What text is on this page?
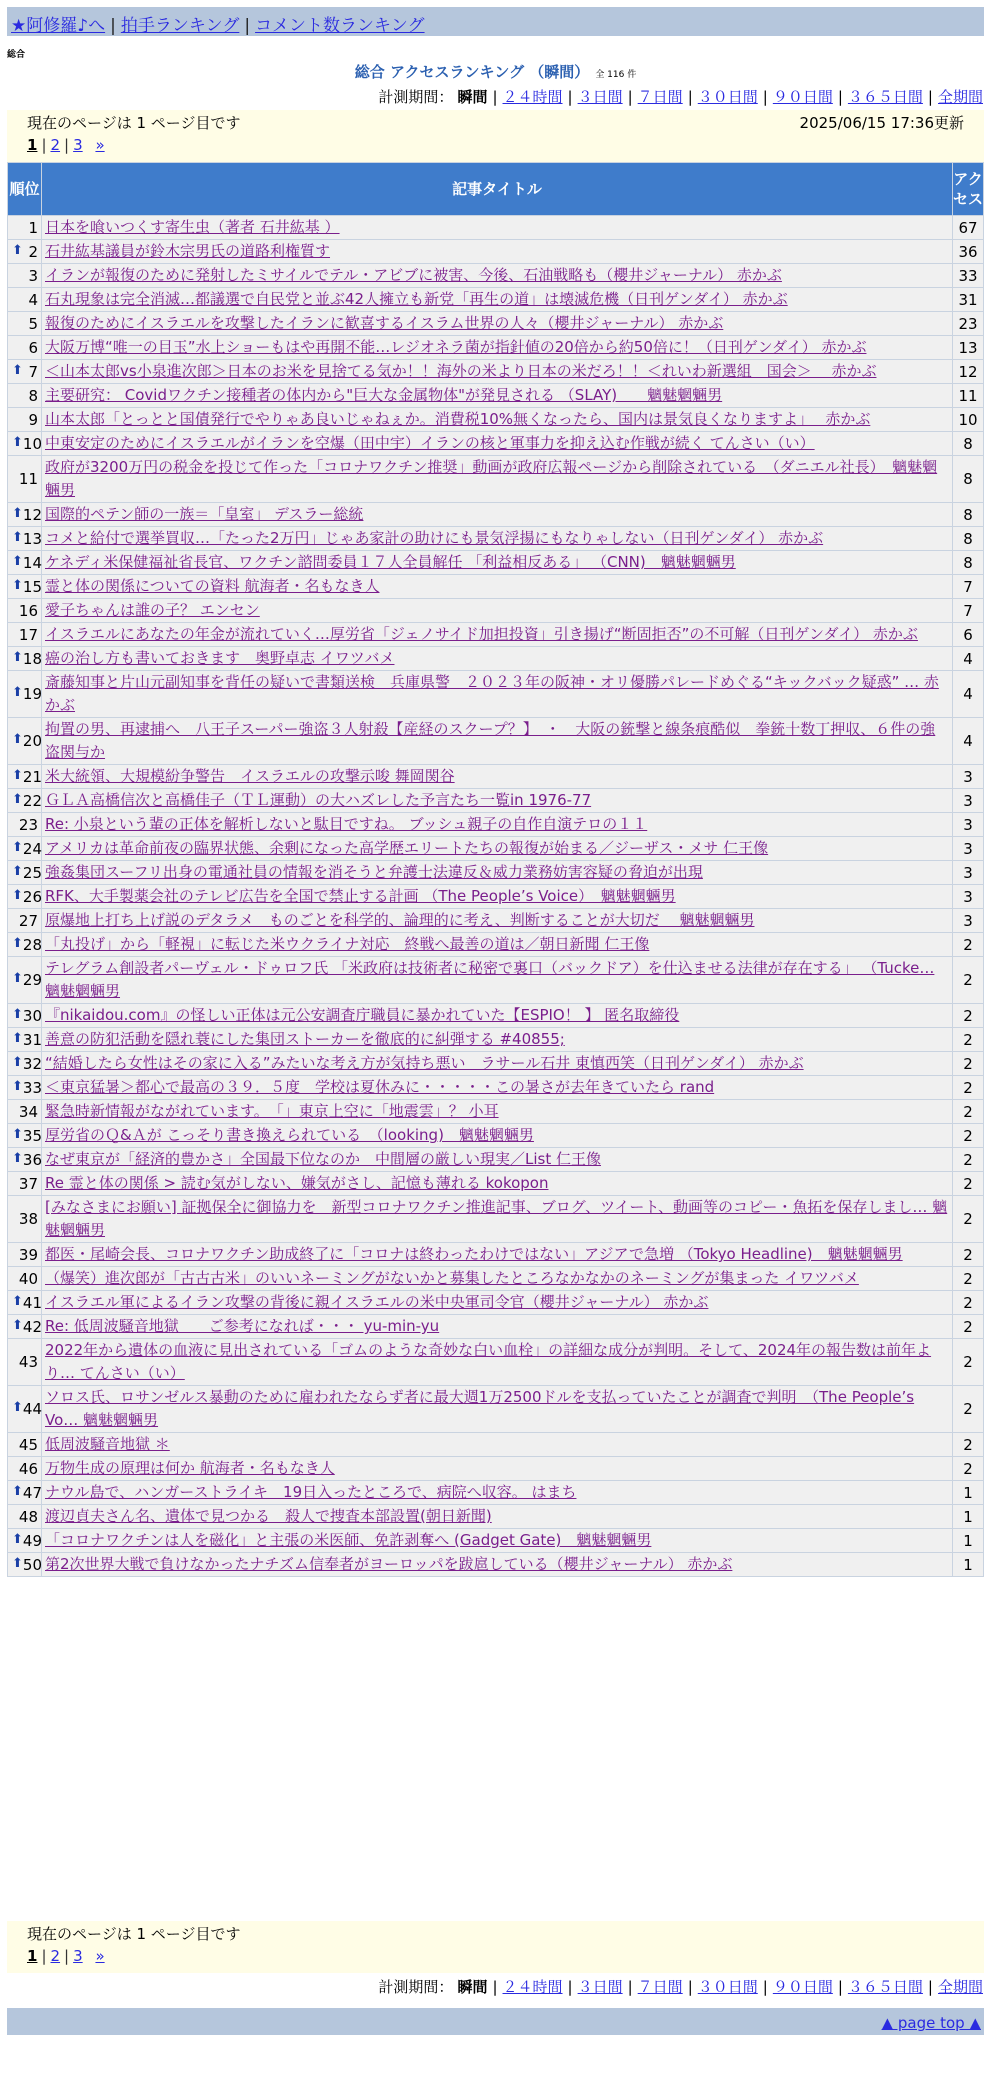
★阿修羅♪へ | 拍手ランキング | コメント数ランキング
総合
総合 アクセスランキング （瞬間） 全 116 件
計測期間： 瞬間 | ２４時間 | ３日間 | ７日間 | ３０日間 | ９０日間 | ３６５日間 | 全期間
現在のページは 1 ページ目です	2025/06/15 17:36更新
1 | 2 | 3 »
順位	記事タイトル	アクセス
1	日本を喰いつくす寄生虫（著者 石井紘基 ）	67

⬆ 2	石井紘基議員が鈴木宗男氏の道路利権質す	36
3	イランが報復のために発射したミサイルでテル・アビブに被害、今後、石油戦略も（櫻井ジャーナル） 赤かぶ	33
4	石丸現象は完全消滅…都議選で自民党と並ぶ42人擁立も新党「再生の道」は壊滅危機（日刊ゲンダイ） 赤かぶ	31
5	報復のためにイスラエルを攻撃したイランに歓喜するイスラム世界の人々（櫻井ジャーナル） 赤かぶ	23
6	大阪万博“唯一の目玉”水上ショーもはや再開不能…レジオネラ菌が指針値の20倍から約50倍に！（日刊ゲンダイ） 赤かぶ	13

⬆ 7	＜山本太郎vs小泉進次郎＞日本のお米を見捨てる気か！！海外の米より日本の米だろ！！＜れいわ新選組　国会＞　 赤かぶ	12
8	主要研究： Covidワクチン接種者の体内から"巨大な金属物体"が発見される （SLAY)　　魑魅魍魎男	11
9	山本太郎「とっとと国債発行でやりゃあ良いじゃねぇか。消費税10%無くなったら、国内は景気良くなりますよ」　 赤かぶ	10

⬆ 10	中東安定のためにイスラエルがイランを空爆（田中宇）イランの核と軍事力を抑え込む作戦が続く てんさい（い）	8
11	政府が3200万円の税金を投じて作った「コロナワクチン推奨」動画が政府広報ページから削除されている　（ダニエル社長）　魑魅魍魎男	8

⬆ 12	国際的ペテン師の一族＝「皇室」 デスラー総統	8

⬆ 13	コメと給付で選挙買収…「たった2万円」じゃあ家計の助けにも景気浮揚にもなりゃしない（日刊ゲンダイ） 赤かぶ	8

⬆ 14	ケネディ米保健福祉省長官、ワクチン諮問委員１７人全員解任 「利益相反ある」 （CNN)　魑魅魍魎男	8

⬆ 15	霊と体の関係についての資料 航海者・名もなき人	7
16	愛子ちゃんは誰の子？ エンセン	7
17	イスラエルにあなたの年金が流れていく…厚労省「ジェノサイド加担投資」引き揚げ“断固拒否”の不可解（日刊ゲンダイ） 赤かぶ	6

⬆ 18	癌の治し方も書いておきます　奥野卓志 イワツバメ	4

⬆ 19	斎藤知事と片山元副知事を背任の疑いで書類送検　兵庫県警　２０２３年の阪神・オリ優勝パレードめぐる“キックバック疑惑” … 赤かぶ	4

⬆ 20	拘置の男、再逮捕へ　八王子スーパー強盗３人射殺【産経のスクープ？】　・　大阪の銃撃と線条痕酷似　拳銃十数丁押収、６件の強盗関与か	4

⬆ 21	米大統領、大規模紛争警告　イスラエルの攻撃示唆 舞岡関谷	3

⬆ 22	ＧＬＡ高橋信次と高橋佳子（ＴＬ運動）の大ハズレした予言たち一覧in 1976-77	3
23	Re: 小泉という輩の正体を解析しないと駄目ですね。 ブッシュ親子の自作自演テロの１１	3

⬆ 24	アメリカは革命前夜の臨界状態、余剰になった高学歴エリートたちの報復が始まる／ジーザス・メサ 仁王像	3

⬆ 25	強姦集団スーフリ出身の電通社員の情報を消そうと弁護士法違反＆威力業務妨害容疑の脅迫が出現	3

⬆ 26	RFK、大手製薬会社のテレビ広告を全国で禁止する計画 （The People’s Voice）　魑魅魍魎男	3
27	原爆地上打ち上げ説のデタラメ　ものごとを科学的、論理的に考え、判断することが大切だ　 魑魅魍魎男	3

⬆ 28	「丸投げ」から「軽視」に転じた米ウクライナ対応　終戦へ最善の道は／朝日新聞 仁王像	2

⬆ 29	テレグラム創設者パーヴェル・ドゥロフ氏 「米政府は技術者に秘密で裏口（バックドア）を仕込ませる法律が存在する」 （Tucke… 魑魅魍魎男	2

⬆ 30	『nikaidou.com』の怪しい正体は元公安調査庁職員に暴かれていた【ESPIO！ 】 匿名取締役	2

⬆ 31	善意の防犯活動を隠れ蓑にした集団ストーカーを徹底的に糾弾する #40855;	2

⬆ 32	“結婚したら女性はその家に入る”みたいな考え方が気持ち悪い　ラサール石井 東慎西笑（日刊ゲンダイ） 赤かぶ	2

⬆ 33	＜東京猛暑＞都心で最高の３９．５度　学校は夏休みに・・・・・この暑さが去年きていたら rand	2
34	緊急時新情報がながれています。　「」東京上空に「地震雲」？ 小耳	2

⬆ 35	厚労省のＱ&Ａが こっそり書き換えられている　（looking)　魑魅魍魎男	2

⬆ 36	なぜ東京が「経済的豊かさ」全国最下位なのか　中間層の厳しい現実／List 仁王像	2
37	Re 霊と体の関係 > 読む気がしない、嫌気がさし、記憶も薄れる kokopon	2
38	[みなさまにお願い] 証拠保全に御協力を　新型コロナワクチン推進記事、ブログ、ツイート、動画等のコピー・魚拓を保存しまし… 魑魅魍魎男	2
39	都医・尾崎会長、コロナワクチン助成終了に「コロナは終わったわけではない」アジアで急増 （Tokyo Headline)　魑魅魍魎男	2
40	（爆笑）進次郎が「古古古米」のいいネーミングがないかと募集したところなかなかのネーミングが集まった イワツバメ	2

⬆ 41	イスラエル軍によるイラン攻撃の背後に親イスラエルの米中央軍司令官（櫻井ジャーナル） 赤かぶ	2

⬆ 42	Re: 低周波騒音地獄　　ご参考になれば・・・ yu-min-yu	2
43	2022年から遺体の血液に見出されている「ゴムのような奇妙な白い血栓」の詳細な成分が判明。そして、2024年の報告数は前年より… てんさい（い）	2

⬆ 44	ソロス氏、ロサンゼルス暴動のために雇われたならず者に最大週1万2500ドルを支払っていたことが調査で判明　（The People’s Vo… 魑魅魍魎男	2
45	低周波騒音地獄 ＊	2
46	万物生成の原理は何か 航海者・名もなき人	2

⬆ 47	ナウル島で、ハンガーストライキ　19日入ったところで、病院へ収容。 はまち	1
48	渡辺貞夫さん名、遺体で見つかる　殺人で捜査本部設置(朝日新聞)	1

⬆ 49	「コロナワクチンは人を磁化」と主張の米医師、免許剥奪へ (Gadget Gate)　魑魅魍魎男	1

⬆ 50	第2次世界大戦で負けなかったナチズム信奉者がヨーロッパを跋扈している（櫻井ジャーナル） 赤かぶ	1
現在のページは 1 ページ目です
1 | 2 | 3 »
計測期間： 瞬間 | ２４時間 | ３日間 | ７日間 | ３０日間 | ９０日間 | ３６５日間 | 全期間
▲ page top ▲
